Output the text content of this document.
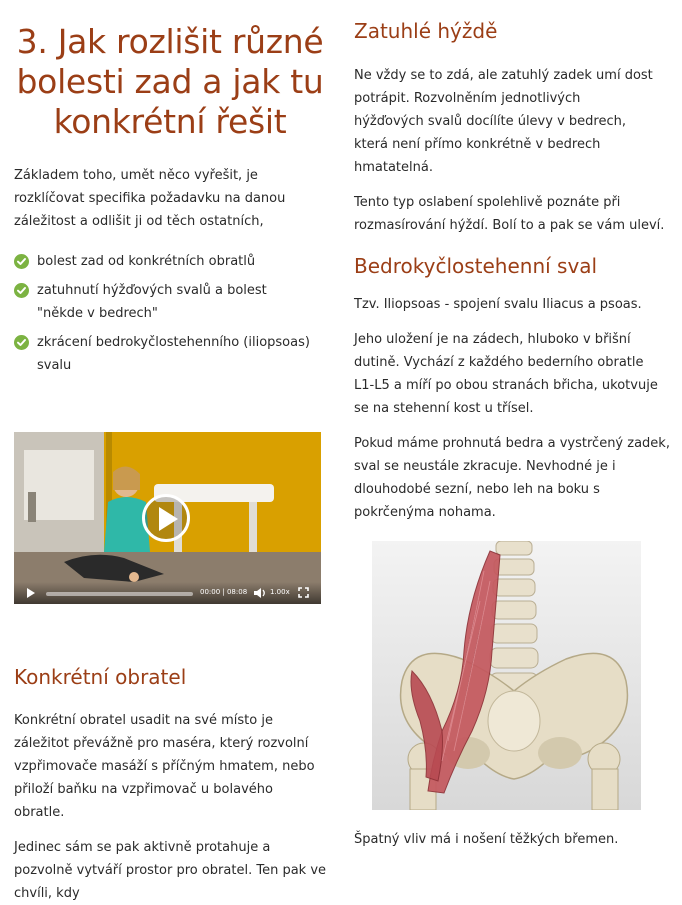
3. Jak rozlišit různé bolesti zad a jak tu konkrétní řešit

Základem toho, umět něco vyřešit, je rozklíčovat specifika požadavku na danou záležitost a odlišit ji od těch ostatních,

bolest zad od konkrétních obratlů
zatuhnutí hýžďových svalů a bolest "někde v bedrech"
zkrácení bedrokyčlostehenního (iliopsoas) svalu
00:00 | 08:08	1.00x
Konkrétní obratel

Konkrétní obratel usadit na své místo je záležitot převážně pro maséra, který rozvolní vzpřimovače masáží s příčným hmatem, nebo přiloží baňku na vzpřimovač u bolavého obratle.

Jedinec sám se pak aktivně protahuje a pozvolně vytváří prostor pro obratel. Ten pak ve chvíli, kdy

Zatuhlé hýždě

Ne vždy se to zdá, ale zatuhlý zadek umí dost potrápit. Rozvolněním jednotlivých hýžďových svalů docílíte úlevy v bedrech, která není přímo konkrétně v bedrech hmatatelná.

Tento typ oslabení spolehlivě poznáte při rozmasírování hýždí. Bolí to a pak se vám uleví.

Bedrokyčlostehenní sval

Tzv. Iliopsoas - spojení svalu Iliacus a psoas.

Jeho uložení je na zádech, hluboko v břišní dutině. Vychází z každého bederního obratle L1-L5 a míří po obou stranách břicha, ukotvuje se na stehenní kost u třísel.

Pokud máme prohnutá bedra a vystrčený zadek, sval se neustále zkracuje. Nevhodné je i dlouhodobé sezní, nebo leh na boku s pokrčenýma nohama.

Špatný vliv má i nošení těžkých břemen.
